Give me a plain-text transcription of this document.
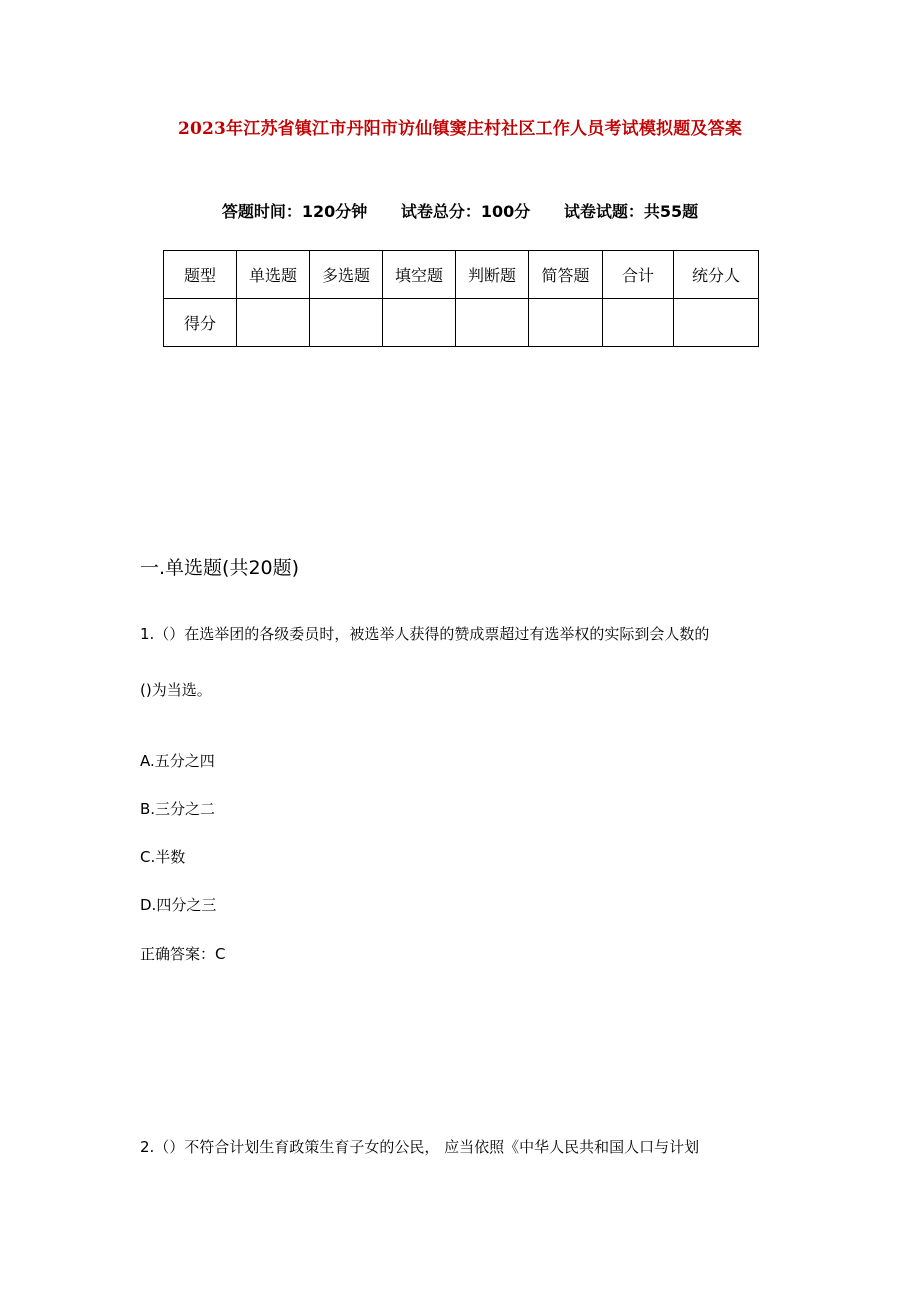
2023年江苏省镇江市丹阳市访仙镇窦庄村社区工作人员考试模拟题及答案
答题时间：120分钟 试卷总分：100分 试卷试题：共55题
题型	单选题	多选题	填空题	判断题	简答题	合计	统分人
得分							
一.单选题(共20题)
1.（）在选举团的各级委员时，被选举人获得的赞成票超过有选举权的实际到会人数的
()为当选。
A.五分之四
B.三分之二
C.半数
D.四分之三
正确答案：C
2.（）不符合计划生育政策生育子女的公民， 应当依照《中华人民共和国人口与计划
